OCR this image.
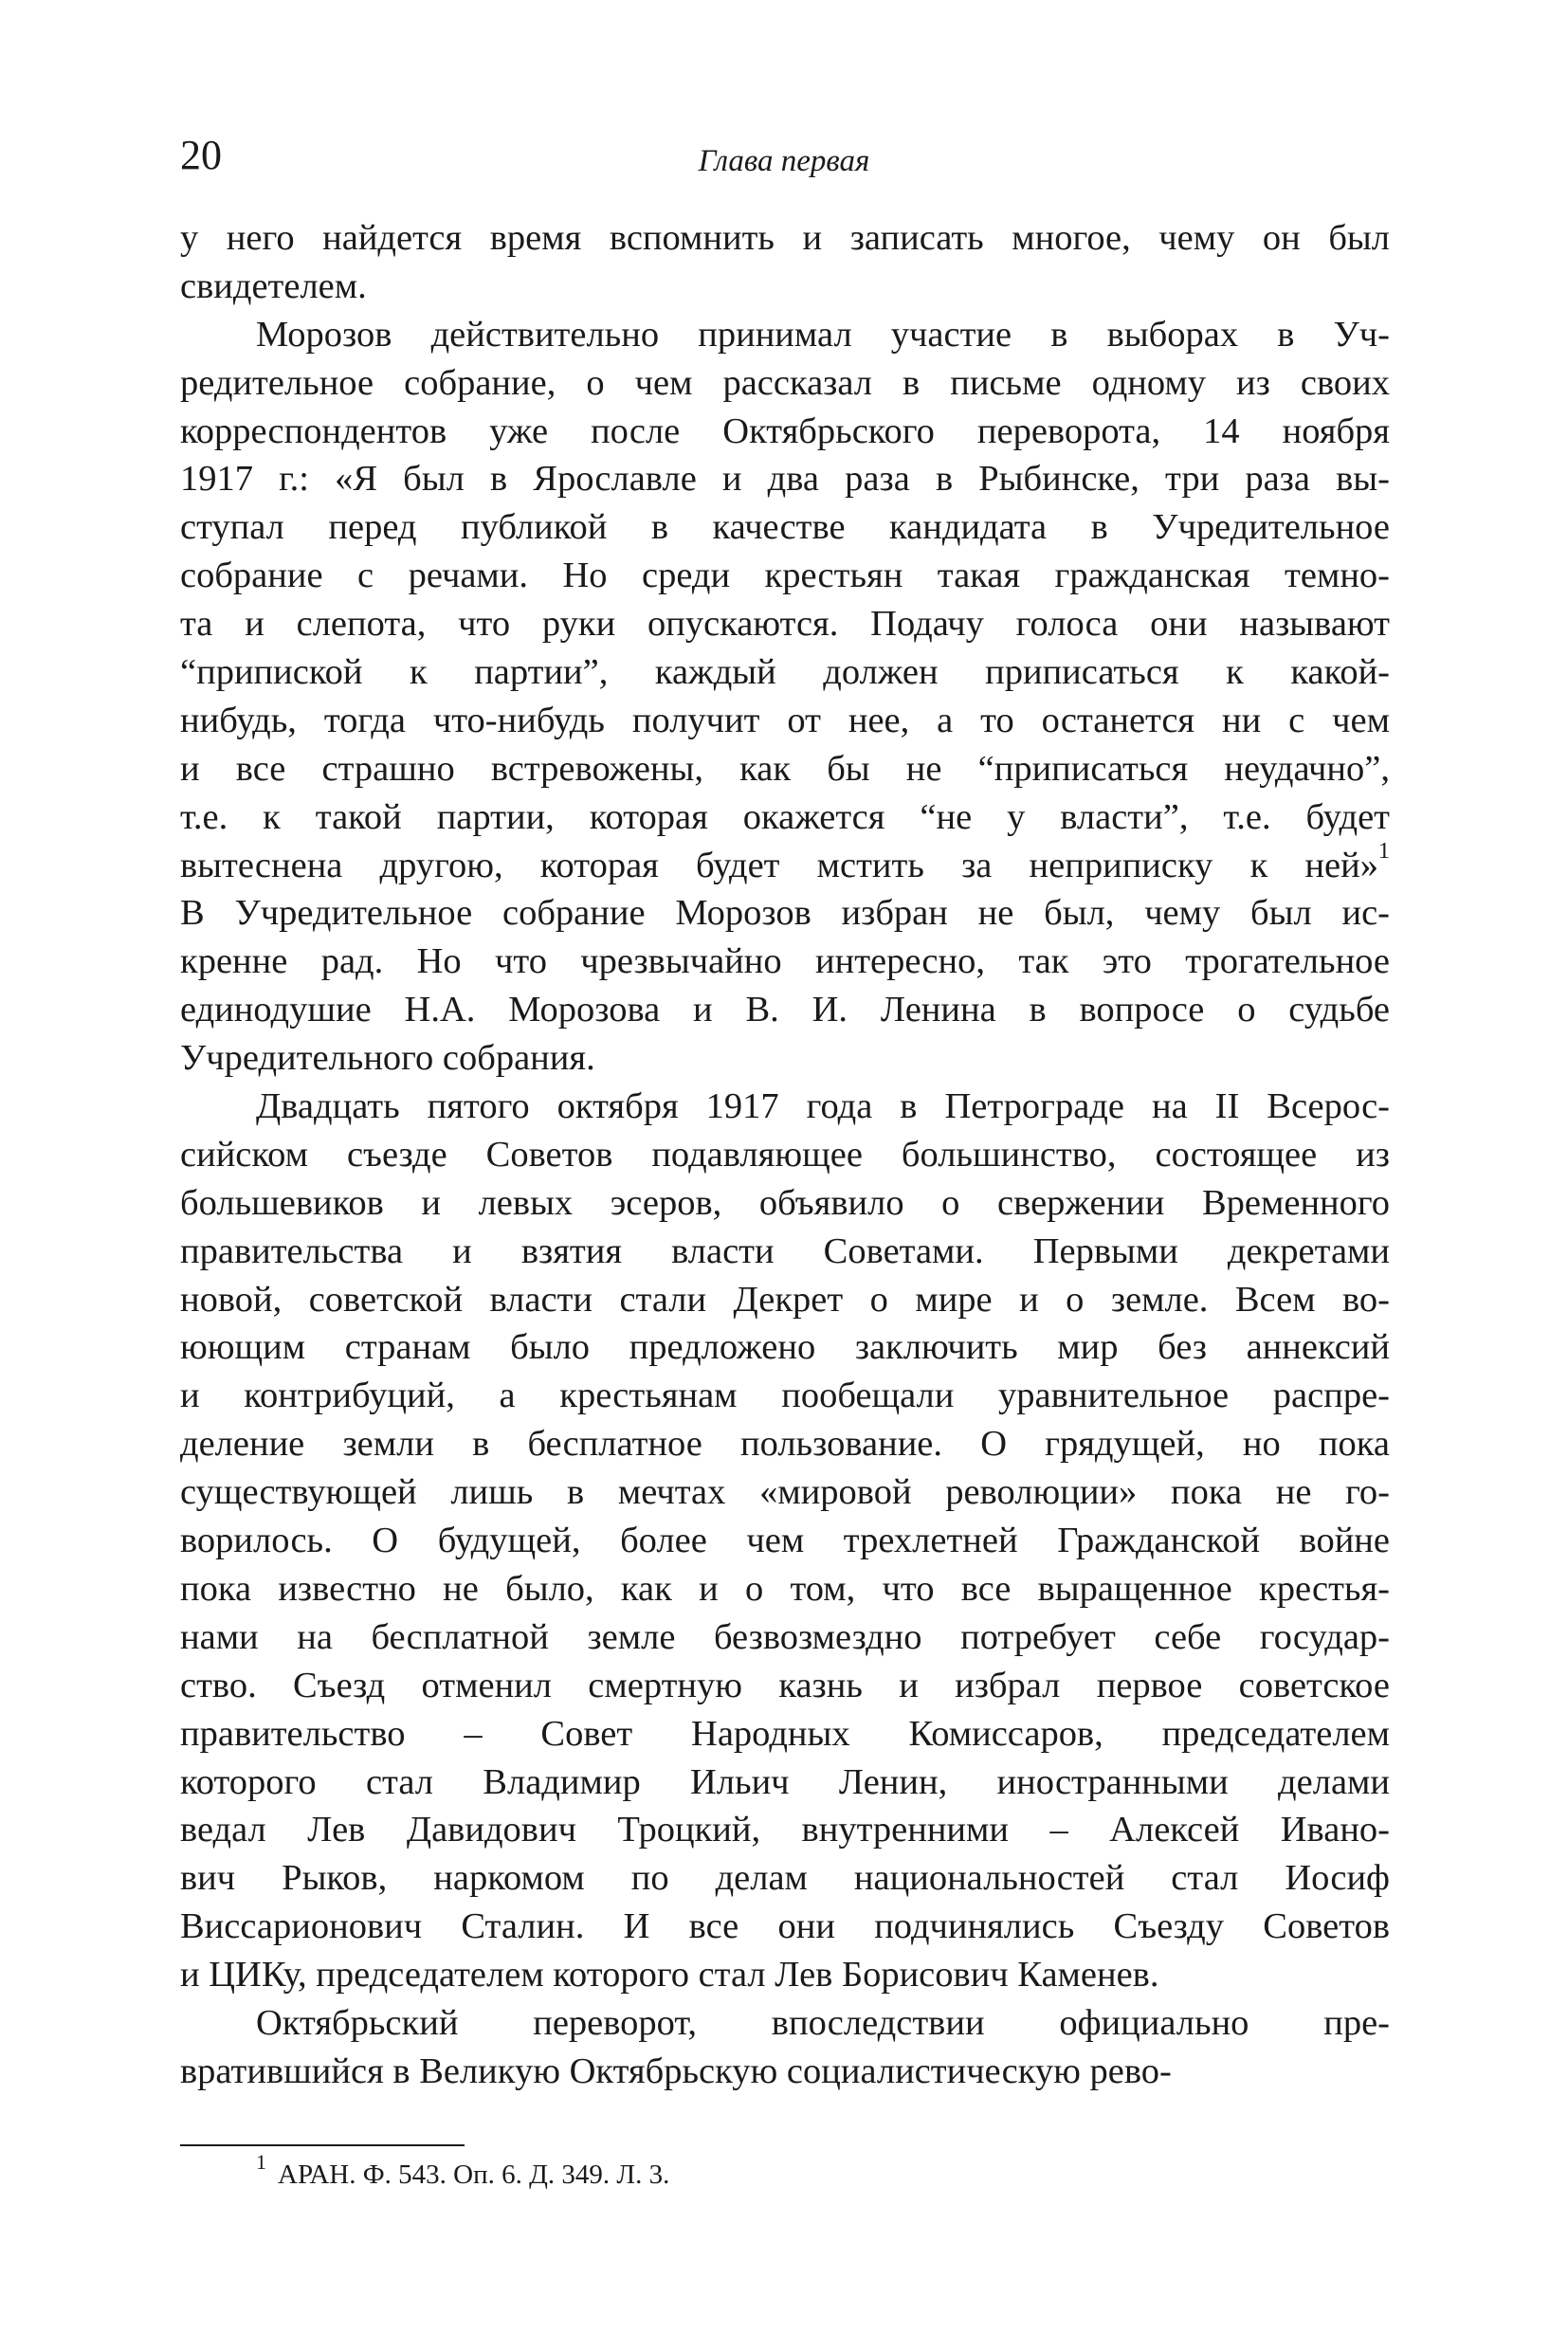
20	Глава первая
у него найдется время вспомнить и записать многое, чему он был
свидетелем.
Морозов действительно принимал участие в выборах в Уч-
редительное собрание, о чем рассказал в письме одному из своих
корреспондентов уже после Октябрьского переворота, 14 ноября
1917 г.: «Я был в Ярославле и два раза в Рыбинске, три раза вы-
ступал перед публикой в качестве кандидата в Учредительное
собрание с речами. Но среди крестьян такая гражданская темно-
та и слепота, что руки опускаются. Подачу голоса они называют
“припиской к партии”, каждый должен приписаться к какой-
нибудь, тогда что-нибудь получит от нее, а то останется ни с чем
и все страшно встревожены, как бы не “приписаться неудачно”,
т.е. к такой партии, которая окажется “не у власти”, т.е. будет
вытеснена другою, которая будет мстить за неприписку к ней»$^1$
В Учредительное собрание Морозов избран не был, чему был ис-
кренне рад. Но что чрезвычайно интересно, так это трогательное
единодушие Н.А. Морозова и В. И. Ленина в вопросе о судьбе
Учредительного собрания.
Двадцать пятого октября 1917 года в Петрограде на II Всерос-
сийском съезде Советов подавляющее большинство, состоящее из
большевиков и левых эсеров, объявило о свержении Временного
правительства и взятия власти Советами. Первыми декретами
новой, советской власти стали Декрет о мире и о земле. Всем во-
юющим странам было предложено заключить мир без аннексий
и контрибуций, а крестьянам пообещали уравнительное распре-
деление земли в бесплатное пользование. О грядущей, но пока
существующей лишь в мечтах «мировой революции» пока не го-
ворилось. О будущей, более чем трехлетней Гражданской войне
пока известно не было, как и о том, что все выращенное крестья-
нами на бесплатной земле безвозмездно потребует себе государ-
ство. Съезд отменил смертную казнь и избрал первое советское
правительство – Совет Народных Комиссаров, председателем
которого стал Владимир Ильич Ленин, иностранными делами
ведал Лев Давидович Троцкий, внутренними – Алексей Ивано-
вич Рыков, наркомом по делам национальностей стал Иосиф
Виссарионович Сталин. И все они подчинялись Съезду Советов
и ЦИКу, председателем которого стал Лев Борисович Каменев.
Октябрьский переворот, впоследствии официально пре-
вратившийся в Великую Октябрьскую социалистическую рево-
$^1$ АРАН. Ф. 543. Оп. 6. Д. 349. Л. 3.
